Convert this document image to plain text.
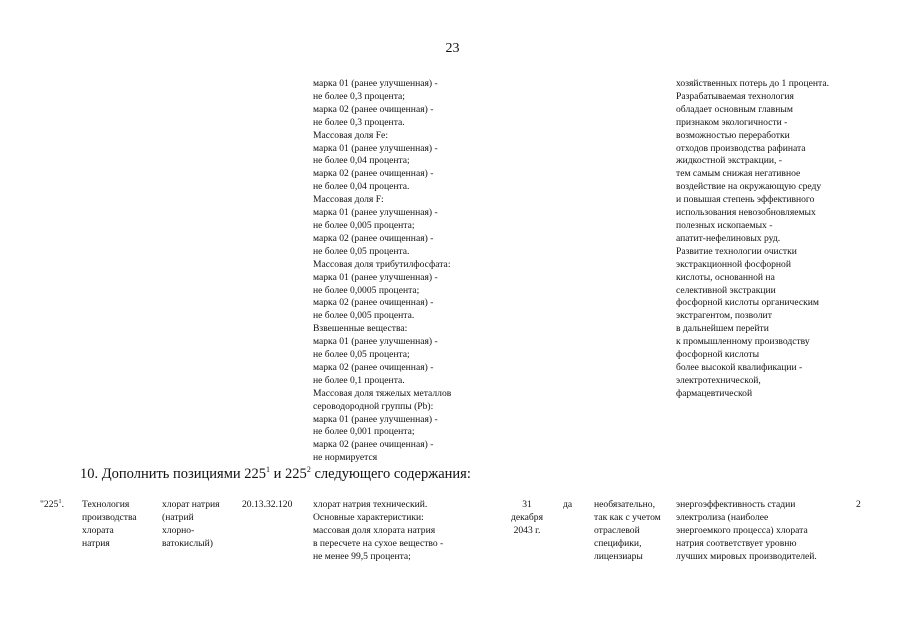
23
марка 01 (ранее улучшенная) -
не более 0,3 процента;
марка 02 (ранее очищенная) -
не более 0,3 процента.
Массовая доля Fe:
марка 01 (ранее улучшенная) -
не более 0,04 процента;
марка 02 (ранее очищенная) -
не более 0,04 процента.
Массовая доля F:
марка 01 (ранее улучшенная) -
не более 0,005 процента;
марка 02 (ранее очищенная) -
не более 0,05 процента.
Массовая доля трибутилфосфата:
марка 01 (ранее улучшенная) -
не более 0,0005 процента;
марка 02 (ранее очищенная) -
не более 0,005 процента.
Взвешенные вещества:
марка 01 (ранее улучшенная) -
не более 0,05 процента;
марка 02 (ранее очищенная) -
не более 0,1 процента.
Массовая доля тяжелых металлов
сероводородной группы (Pb):
марка 01 (ранее улучшенная) -
не более 0,001 процента;
марка 02 (ранее очищенная) -
не нормируется
хозяйственных потерь до 1 процента.
Разрабатываемая технология
обладает основным главным
признаком экологичности -
возможностью переработки
отходов производства рафината
жидкостной экстракции, -
тем самым снижая негативное
воздействие на окружающую среду
и повышая степень эффективного
использования невозобновляемых
полезных ископаемых -
апатит-нефелиновых руд.
Развитие технологии очистки
экстракционной фосфорной
кислоты, основанной на
селективной экстракции
фосфорной кислоты органическим
экстрагентом, позволит
в дальнейшем перейти
к промышленному производству
фосфорной кислоты
более высокой квалификации -
электротехнической,
фармацевтической
10. Дополнить позициями $225^1$ и $225^2$ следующего содержания:
"$225^1$. Технология
производства
хлората
натрия
хлорат натрия
(натрий
хлорно-
ватокислый)
20.13.32.120 хлорат натрия технический.
Основные характеристики:
массовая доля хлората натрия
в пересчете на сухое вещество -
не менее 99,5 процента;
31
декабря
2043 г.
да необязательно,
так как с учетом
отраслевой
специфики,
лицензиары
энергоэффективность стадии
электролиза (наиболее
энергоемкого процесса) хлората
натрия соответствует уровню
лучших мировых производителей.
2
